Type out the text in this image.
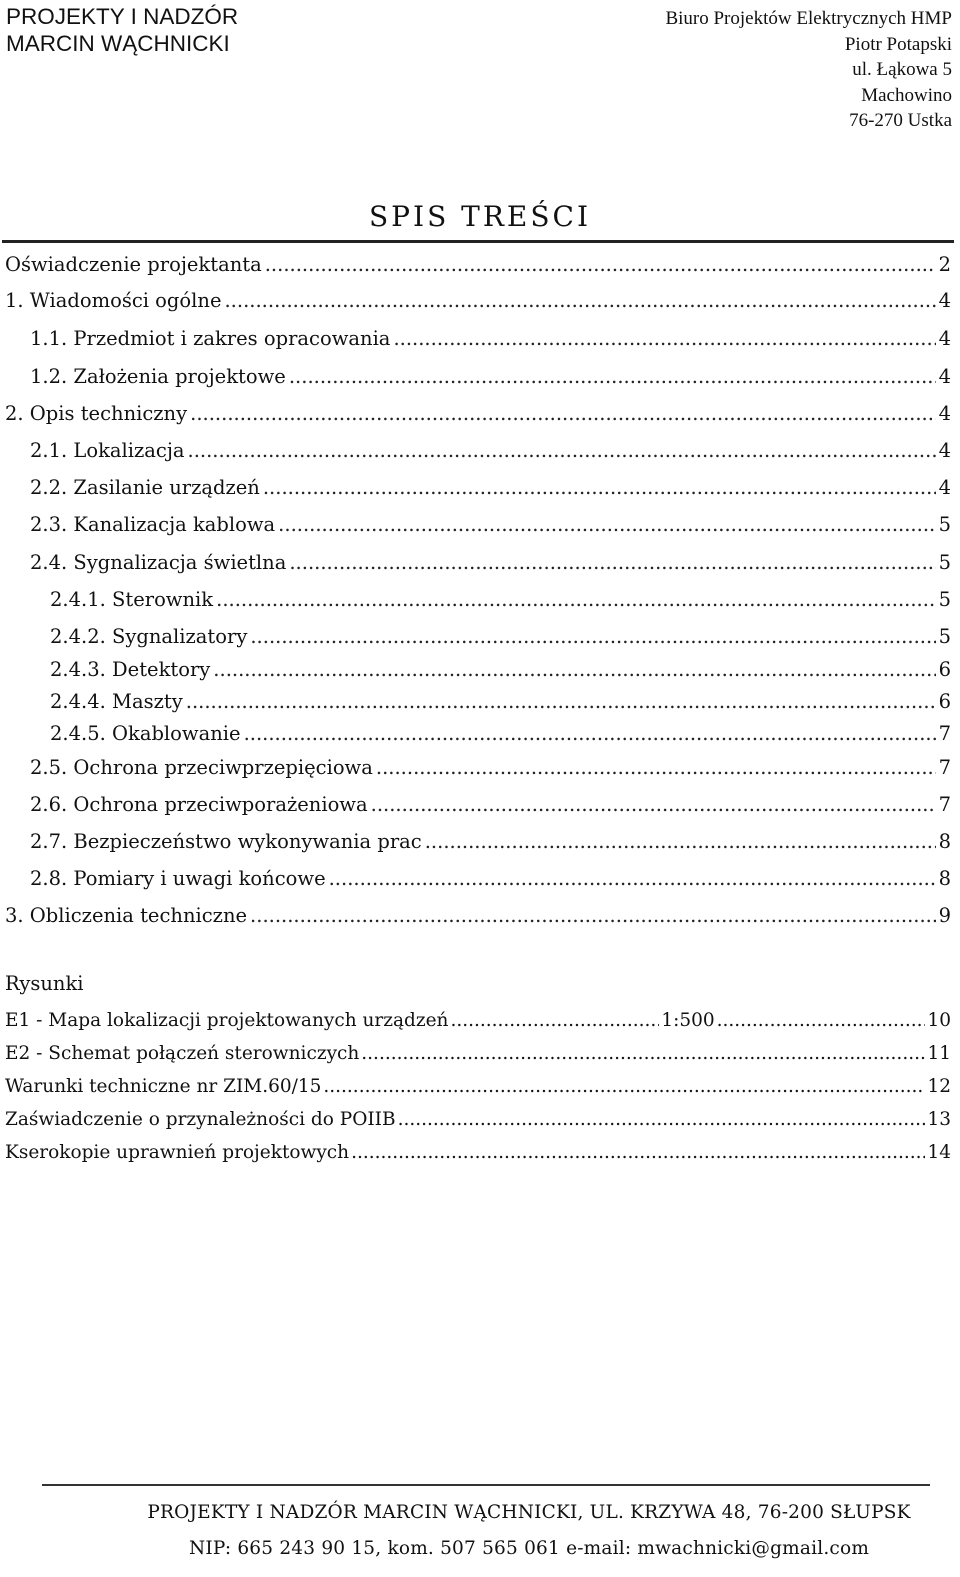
PROJEKTY I NADZÓR
MARCIN WĄCHNICKI
Biuro Projektów Elektrycznych HMP
Piotr Potapski
ul. Łąkowa 5
Machowino
76-270 Ustka
SPIS TREŚCI
Oświadczenie projektanta .....	2
1. Wiadomości ogólne .....	4
1.1. Przedmiot i zakres opracowania .....	4
1.2. Założenia projektowe .....	4
2. Opis techniczny .....	4
2.1. Lokalizacja .....	4
2.2. Zasilanie urządzeń .....	4
2.3. Kanalizacja kablowa .....	5
2.4. Sygnalizacja świetlna .....	5
2.4.1. Sterownik .....	5
2.4.2. Sygnalizatory .....	5
2.4.3. Detektory .....	6
2.4.4. Maszty .....	6
2.4.5. Okablowanie .....	7
2.5. Ochrona przeciwprzepięciowa .....	7
2.6. Ochrona przeciwporażeniowa .....	7
2.7. Bezpieczeństwo wykonywania prac .....	8
2.8. Pomiary i uwagi końcowe .....	8
3. Obliczenia techniczne .....	9
Rysunki
E1 - Mapa lokalizacji projektowanych urządzeń .....	1:500 .....	10
E2 - Schemat połączeń sterowniczych .....	11
Warunki techniczne nr ZIM.60/15 .....	12
Zaświadczenie o przynależności do POIIB .....	13
Kserokopie uprawnień projektowych .....	14
PROJEKTY I NADZÓR MARCIN WĄCHNICKI, UL. KRZYWA 48, 76-200 SŁUPSK
NIP: 665 243 90 15, kom. 507 565 061 e-mail: mwachnicki@gmail.com
